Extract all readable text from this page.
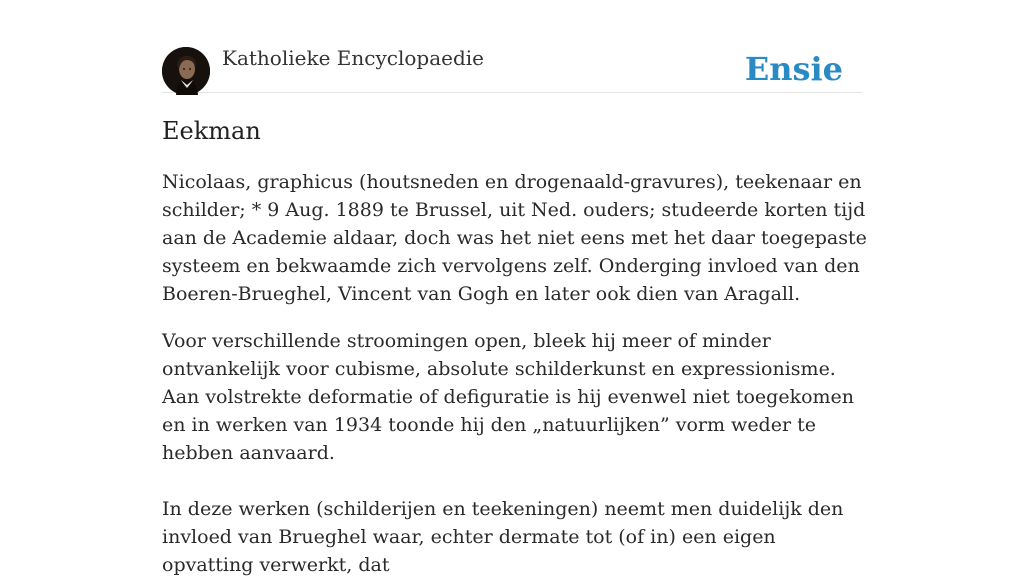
Katholieke Encyclopaedie	Ensie
Eekman

Nicolaas, graphicus (houtsneden en drogenaald-gravures), teekenaar en schilder; * 9 Aug. 1889 te Brussel, uit Ned. ouders; studeerde korten tijd aan de Academie aldaar, doch was het niet eens met het daar toegepaste systeem en bekwaamde zich vervolgens zelf. Onderging invloed van den Boeren-Brueghel, Vincent van Gogh en later ook dien van Aragall.

Voor verschillende stroomingen open, bleek hij meer of minder ontvankelijk voor cubisme, absolute schilderkunst en expressionisme. Aan volstrekte deformatie of defiguratie is hij evenwel niet toegekomen en in werken van 1934 toonde hij den „natuurlijken” vorm weder te hebben aanvaard.

In deze werken (schilderijen en teekeningen) neemt men duidelijk den invloed van Brueghel waar, echter dermate tot (of in) een eigen opvatting verwerkt, dat
